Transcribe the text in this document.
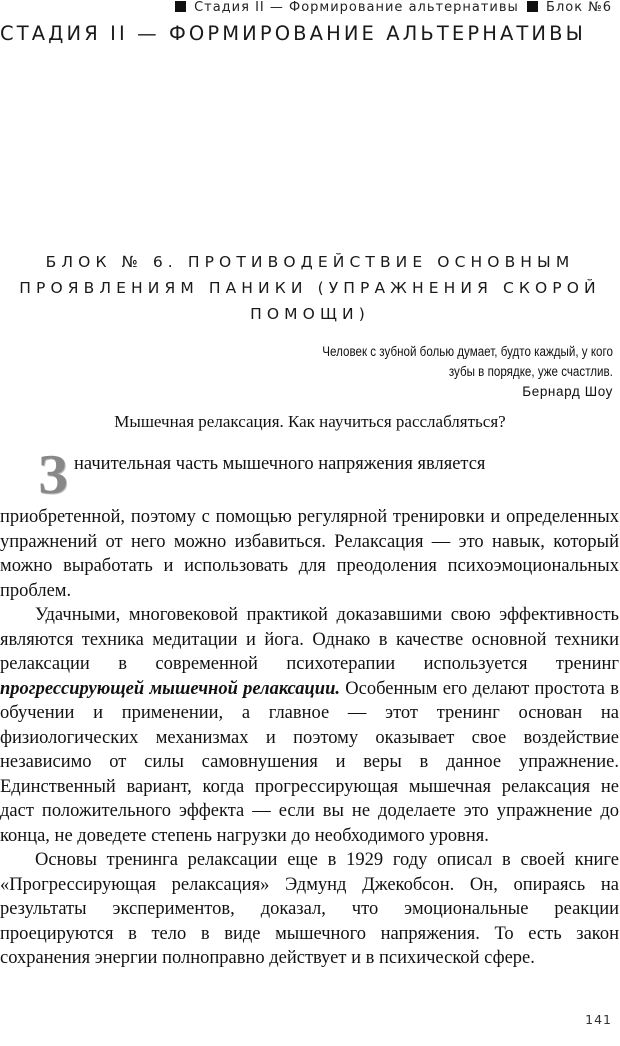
Стадия II — Формирование альтернативы Блок №6
СТАДИЯ II — ФОРМИРОВАНИЕ АЛЬТЕРНАТИВЫ
БЛОК № 6. ПРОТИВОДЕЙСТВИЕ ОСНОВНЫМ
ПРОЯВЛЕНИЯМ ПАНИКИ (УПРАЖНЕНИЯ СКОРОЙ
ПОМОЩИ)
Человек с зубной болью думает, будто каждый, у кого
зубы в порядке, уже счастлив.
Бернард Шоу
Мышечная релаксация. Как научиться расслабляться?
З начительная часть мышечного напряжения является

приобретенной, поэтому с помощью регулярной тренировки и определенных упражнений от него можно избавиться. Релаксация — это навык, который можно выработать и использовать для преодоления психоэмоциональных проблем.

Удачными, многовековой практикой доказавшими свою эффективность являются техника медитации и йога. Однако в качестве основной техники релаксации в современной психотерапии используется тренинг прогрессирующей мышечной релаксации. Особенным его делают простота в обучении и применении, а главное — этот тренинг основан на физиологических механизмах и поэтому оказывает свое воздействие независимо от силы самовнушения и веры в данное упражнение. Единственный вариант, когда прогрессирующая мышечная релаксация не даст положительного эффекта — если вы не доделаете это упражнение до конца, не доведете степень нагрузки до необходимого уровня.

Основы тренинга релаксации еще в 1929 году описал в своей книге «Прогрессирующая релаксация» Эдмунд Джекобсон. Он, опираясь на результаты экспериментов, доказал, что эмоциональные реакции проецируются в тело в виде мышечного напряжения. То есть закон сохранения энергии полноправно действует и в психической сфере.

141
